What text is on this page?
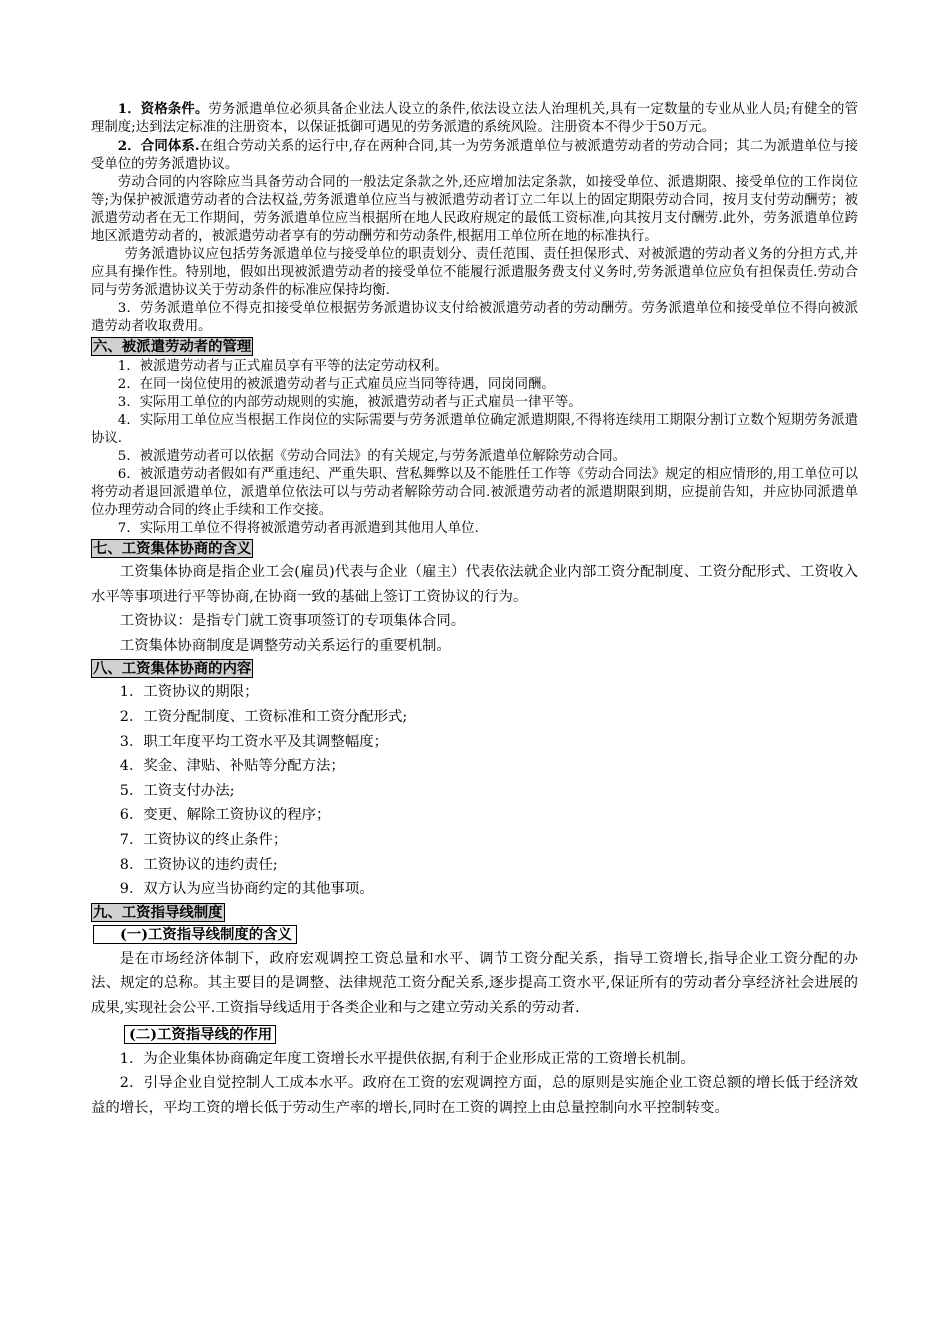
1．资格条件。劳务派遣单位必须具备企业法人设立的条件,依法设立法人治理机关,具有一定数量的专业从业人员;有健全的管理制度;达到法定标准的注册资本，以保证抵御可遇见的劳务派遣的系统风险。注册资本不得少于50万元。

2．合同体系.在组合劳动关系的运行中,存在两种合同,其一为劳务派遣单位与被派遣劳动者的劳动合同；其二为派遣单位与接受单位的劳务派遣协议。

劳动合同的内容除应当具备劳动合同的一般法定条款之外,还应增加法定条款，如接受单位、派遣期限、接受单位的工作岗位等;为保护被派遣劳动者的合法权益,劳务派遣单位应当与被派遣劳动者订立二年以上的固定期限劳动合同，按月支付劳动酬劳；被派遣劳动者在无工作期间，劳务派遣单位应当根据所在地人民政府规定的最低工资标准,向其按月支付酬劳.此外，劳务派遣单位跨地区派遣劳动者的，被派遣劳动者享有的劳动酬劳和劳动条件,根据用工单位所在地的标准执行。

劳务派遣协议应包括劳务派遣单位与接受单位的职责划分、责任范围、责任担保形式、对被派遣的劳动者义务的分担方式,并应具有操作性。特别地，假如出现被派遣劳动者的接受单位不能履行派遣服务费支付义务时,劳务派遣单位应负有担保责任.劳动合同与劳务派遣协议关于劳动条件的标准应保持均衡.

3．劳务派遣单位不得克扣接受单位根据劳务派遣协议支付给被派遣劳动者的劳动酬劳。劳务派遣单位和接受单位不得向被派遣劳动者收取费用。

六、被派遣劳动者的管理

1．被派遣劳动者与正式雇员享有平等的法定劳动权利。

2．在同一岗位使用的被派遣劳动者与正式雇员应当同等待遇，同岗同酬。

3．实际用工单位的内部劳动规则的实施，被派遣劳动者与正式雇员一律平等。

4．实际用工单位应当根据工作岗位的实际需要与劳务派遣单位确定派遣期限,不得将连续用工期限分割订立数个短期劳务派遣协议.

5．被派遣劳动者可以依据《劳动合同法》的有关规定,与劳务派遣单位解除劳动合同。

6．被派遣劳动者假如有严重违纪、严重失职、营私舞弊以及不能胜任工作等《劳动合同法》规定的相应情形的,用工单位可以将劳动者退回派遣单位，派遣单位依法可以与劳动者解除劳动合同.被派遣劳动者的派遣期限到期，应提前告知，并应协同派遣单位办理劳动合同的终止手续和工作交接。

7．实际用工单位不得将被派遣劳动者再派遣到其他用人单位.

七、工资集体协商的含义

工资集体协商是指企业工会(雇员)代表与企业（雇主）代表依法就企业内部工资分配制度、工资分配形式、工资收入水平等事项进行平等协商,在协商一致的基础上签订工资协议的行为。

工资协议：是指专门就工资事项签订的专项集体合同。

工资集体协商制度是调整劳动关系运行的重要机制。

八、工资集体协商的内容

1．工资协议的期限；

2．工资分配制度、工资标准和工资分配形式;

3．职工年度平均工资水平及其调整幅度；

4．奖金、津贴、补贴等分配方法；

5．工资支付办法;

6．变更、解除工资协议的程序；

7．工资协议的终止条件；

8．工资协议的违约责任;

9．双方认为应当协商约定的其他事项。

九、工资指导线制度
(一)工资指导线制度的含义

是在市场经济体制下，政府宏观调控工资总量和水平、调节工资分配关系，指导工资增长,指导企业工资分配的办法、规定的总称。其主要目的是调整、法律规范工资分配关系,逐步提高工资水平,保证所有的劳动者分享经济社会进展的成果,实现社会公平.工资指导线适用于各类企业和与之建立劳动关系的劳动者.

(二)工资指导线的作用

1．为企业集体协商确定年度工资增长水平提供依据,有利于企业形成正常的工资增长机制。

2．引导企业自觉控制人工成本水平。政府在工资的宏观调控方面，总的原则是实施企业工资总额的增长低于经济效益的增长，平均工资的增长低于劳动生产率的增长,同时在工资的调控上由总量控制向水平控制转变。
